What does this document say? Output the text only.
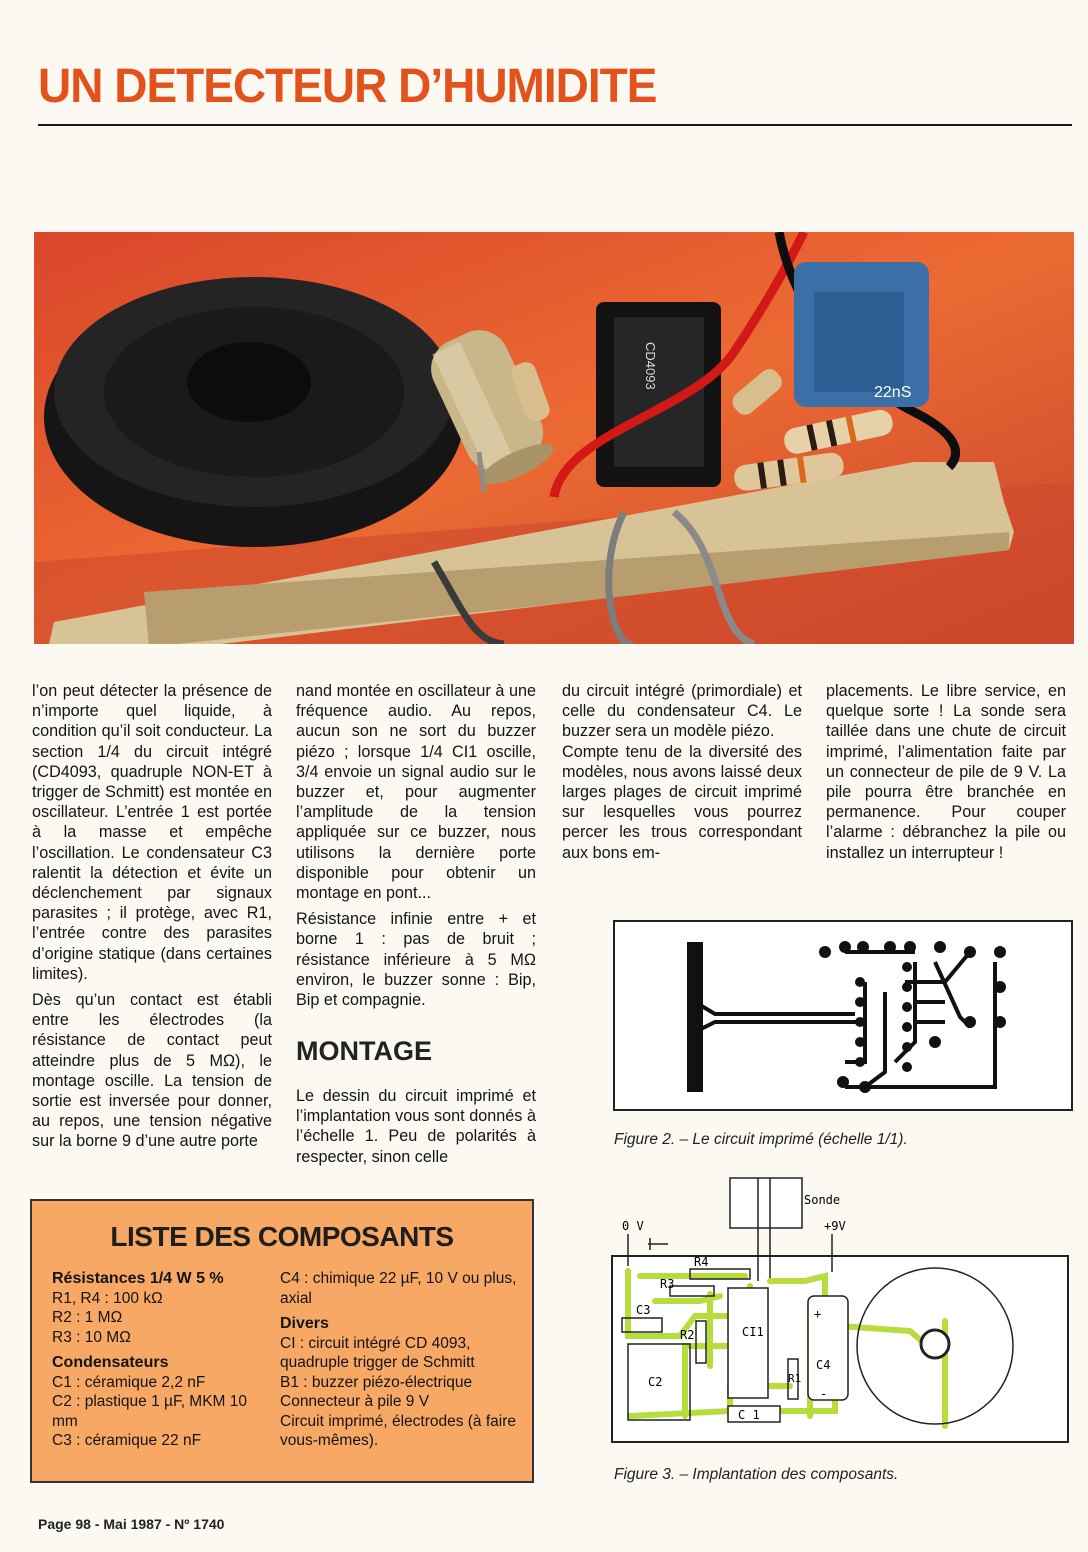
UN DETECTEUR D’HUMIDITE
CD4093
22nS

l’on peut détecter la présence de n’importe quel liquide, à condition qu’il soit conducteur. La section 1/4 du circuit intégré (CD4093, quadruple NON-ET à trigger de Schmitt) est montée en oscillateur. L’entrée 1 est portée à la masse et empêche l’oscillation. Le condensateur C3 ralentit la détection et évite un déclenchement par signaux parasites ; il protège, avec R1, l’entrée contre des parasites d’origine statique (dans certaines limites).

Dès qu’un contact est établi entre les électrodes (la résistance de contact peut atteindre plus de 5 MΩ), le montage oscille. La tension de sortie est inversée pour donner, au repos, une tension négative sur la borne 9 d’une autre porte

nand montée en oscillateur à une fréquence audio. Au repos, aucun son ne sort du buzzer piézo ; lorsque 1/4 CI1 oscille, 3/4 envoie un signal audio sur le buzzer et, pour augmenter l’amplitude de la tension appliquée sur ce buzzer, nous utilisons la dernière porte disponible pour obtenir un montage en pont...

Résistance infinie entre + et borne 1 : pas de bruit ; résistance inférieure à 5 MΩ environ, le buzzer sonne : Bip, Bip et compagnie.

MONTAGE

Le dessin du circuit imprimé et l’implantation vous sont donnés à l’échelle 1. Peu de polarités à respecter, sinon celle

du circuit intégré (primordiale) et celle du condensateur C4. Le buzzer sera un modèle piézo.

Compte tenu de la diversité des modèles, nous avons laissé deux larges plages de circuit imprimé sur lesquelles vous pourrez percer les trous correspondant aux bons em-

placements. Le libre service, en quelque sorte ! La sonde sera taillée dans une chute de circuit imprimé, l’alimentation faite par un connecteur de pile de 9 V. La pile pourra être branchée en permanence. Pour couper l’alarme : débranchez la pile ou installez un interrupteur !

Figure 2. – Le circuit imprimé (échelle 1/1).

Sonde
0 V	+9V
C2
C3
R3
R4
R2	CI1
R1
+
C4
-
C 1

Figure 3. – Implantation des composants.

LISTE DES COMPOSANTS
Résistances 1/4 W 5 %
R1, R4 : 100 kΩ
R2 : 1 MΩ
R3 : 10 MΩ
Condensateurs
C1 : céramique 2,2 nF
C2 : plastique 1 µF, MKM 10 mm
C3 : céramique 22 nF
C4 : chimique 22 µF, 10 V ou plus, axial
Divers
CI : circuit intégré CD 4093, quadruple trigger de Schmitt
B1 : buzzer piézo-électrique
Connecteur à pile 9 V
Circuit imprimé, électrodes (à faire vous-mêmes).

Page 98 - Mai 1987 - Nº 1740
